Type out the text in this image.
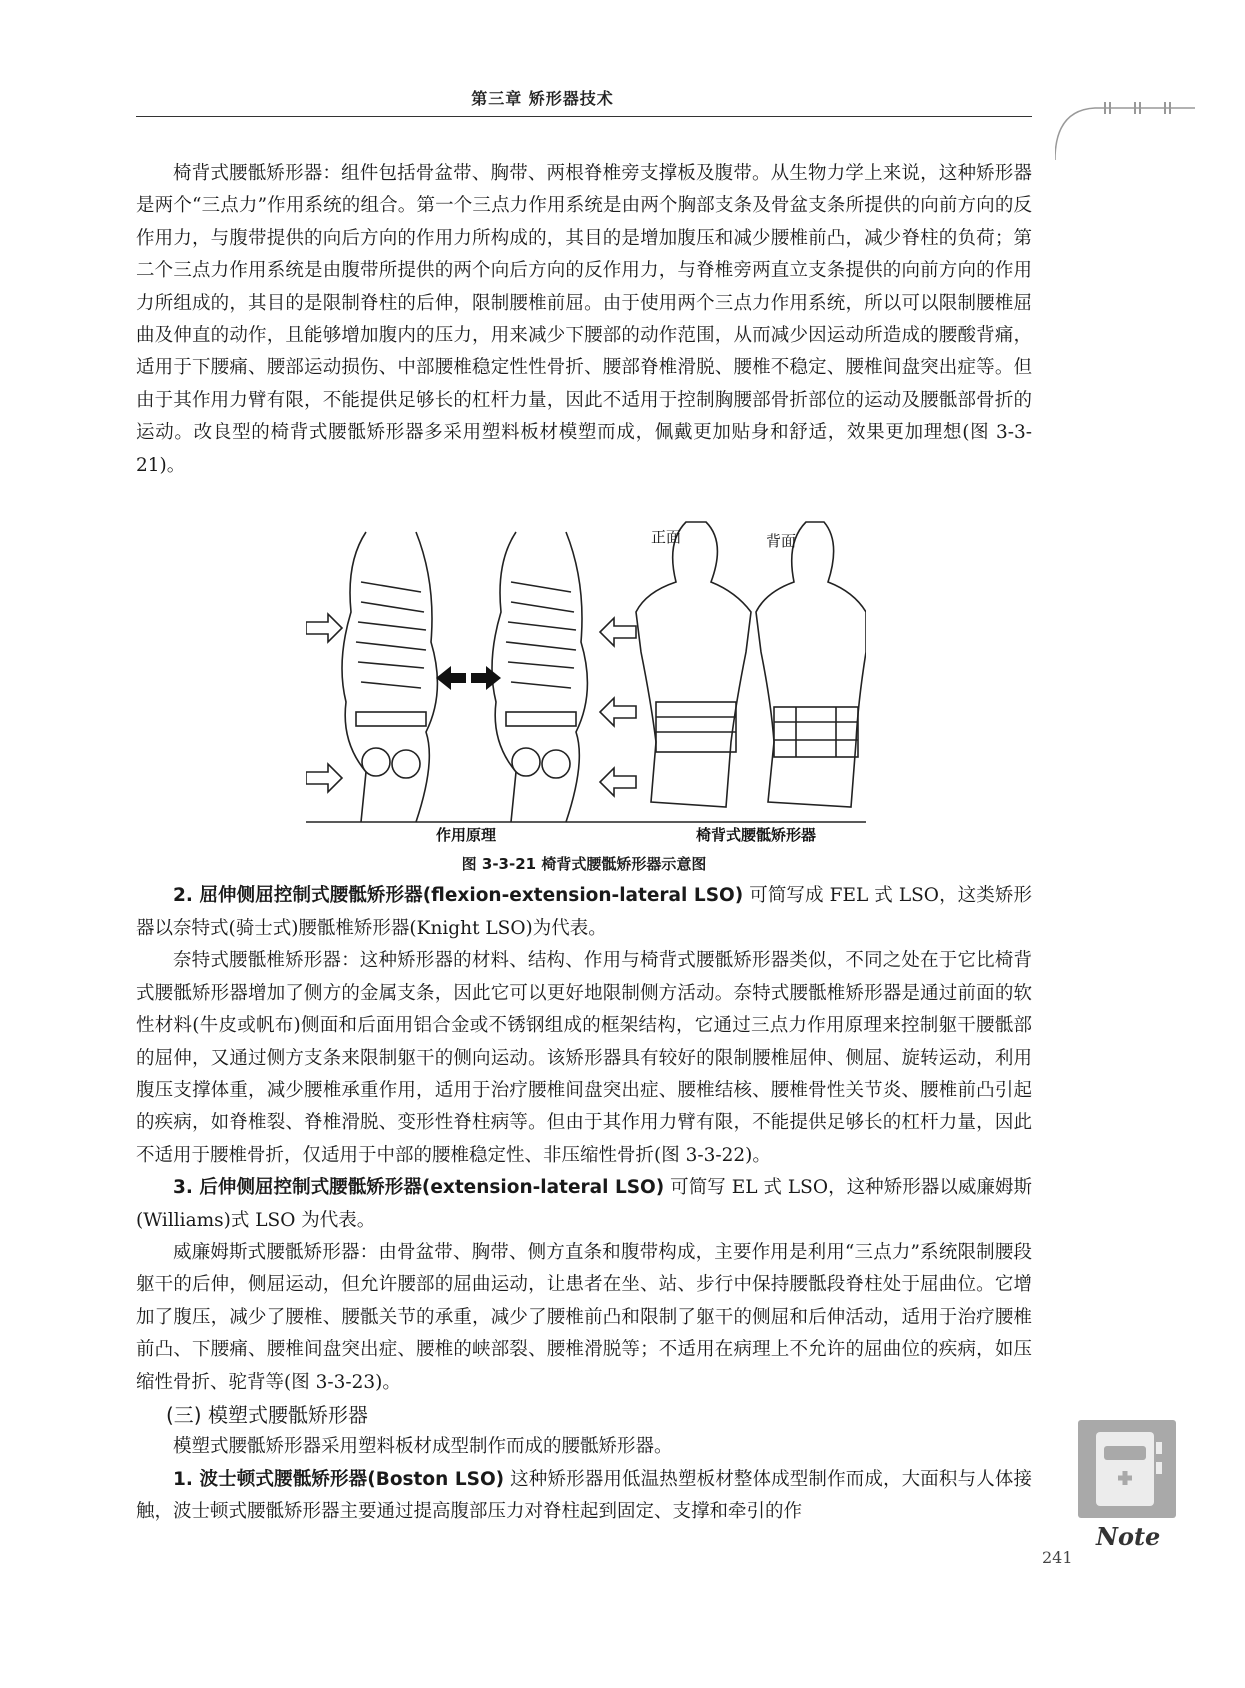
第三章 矫形器技术

椅背式腰骶矫形器：组件包括骨盆带、胸带、两根脊椎旁支撑板及腹带。从生物力学上来说，这种矫形器是两个“三点力”作用系统的组合。第一个三点力作用系统是由两个胸部支条及骨盆支条所提供的向前方向的反作用力，与腹带提供的向后方向的作用力所构成的，其目的是增加腹压和减少腰椎前凸，减少脊柱的负荷；第二个三点力作用系统是由腹带所提供的两个向后方向的反作用力，与脊椎旁两直立支条提供的向前方向的作用力所组成的，其目的是限制脊柱的后伸，限制腰椎前屈。由于使用两个三点力作用系统，所以可以限制腰椎屈曲及伸直的动作，且能够增加腹内的压力，用来减少下腰部的动作范围，从而减少因运动所造成的腰酸背痛，适用于下腰痛、腰部运动损伤、中部腰椎稳定性性骨折、腰部脊椎滑脱、腰椎不稳定、腰椎间盘突出症等。但由于其作用力臂有限，不能提供足够长的杠杆力量，因此不适用于控制胸腰部骨折部位的运动及腰骶部骨折的运动。改良型的椅背式腰骶矫形器多采用塑料板材模塑而成，佩戴更加贴身和舒适，效果更加理想(图 3-3-21)。

正面	背面
作用原理	椅背式腰骶矫形器

图 3-3-21 椅背式腰骶矫形器示意图

2. 屈伸侧屈控制式腰骶矫形器(flexion-extension-lateral LSO) 可简写成 FEL 式 LSO，这类矫形器以奈特式(骑士式)腰骶椎矫形器(Knight LSO)为代表。

奈特式腰骶椎矫形器：这种矫形器的材料、结构、作用与椅背式腰骶矫形器类似，不同之处在于它比椅背式腰骶矫形器增加了侧方的金属支条，因此它可以更好地限制侧方活动。奈特式腰骶椎矫形器是通过前面的软性材料(牛皮或帆布)侧面和后面用铝合金或不锈钢组成的框架结构，它通过三点力作用原理来控制躯干腰骶部的屈伸，又通过侧方支条来限制躯干的侧向运动。该矫形器具有较好的限制腰椎屈伸、侧屈、旋转运动，利用腹压支撑体重，减少腰椎承重作用，适用于治疗腰椎间盘突出症、腰椎结核、腰椎骨性关节炎、腰椎前凸引起的疾病，如脊椎裂、脊椎滑脱、变形性脊柱病等。但由于其作用力臂有限，不能提供足够长的杠杆力量，因此不适用于腰椎骨折，仅适用于中部的腰椎稳定性、非压缩性骨折(图 3-3-22)。

3. 后伸侧屈控制式腰骶矫形器(extension-lateral LSO) 可简写 EL 式 LSO，这种矫形器以威廉姆斯(Williams)式 LSO 为代表。

威廉姆斯式腰骶矫形器：由骨盆带、胸带、侧方直条和腹带构成，主要作用是利用“三点力”系统限制腰段躯干的后伸，侧屈运动，但允许腰部的屈曲运动，让患者在坐、站、步行中保持腰骶段脊柱处于屈曲位。它增加了腹压，减少了腰椎、腰骶关节的承重，减少了腰椎前凸和限制了躯干的侧屈和后伸活动，适用于治疗腰椎前凸、下腰痛、腰椎间盘突出症、腰椎的峡部裂、腰椎滑脱等；不适用在病理上不允许的屈曲位的疾病，如压缩性骨折、驼背等(图 3-3-23)。

(三) 模塑式腰骶矫形器

模塑式腰骶矫形器采用塑料板材成型制作而成的腰骶矫形器。

1. 波士顿式腰骶矫形器(Boston LSO) 这种矫形器用低温热塑板材整体成型制作而成，大面积与人体接触，波士顿式腰骶矫形器主要通过提高腹部压力对脊柱起到固定、支撑和牵引的作

Note
241
